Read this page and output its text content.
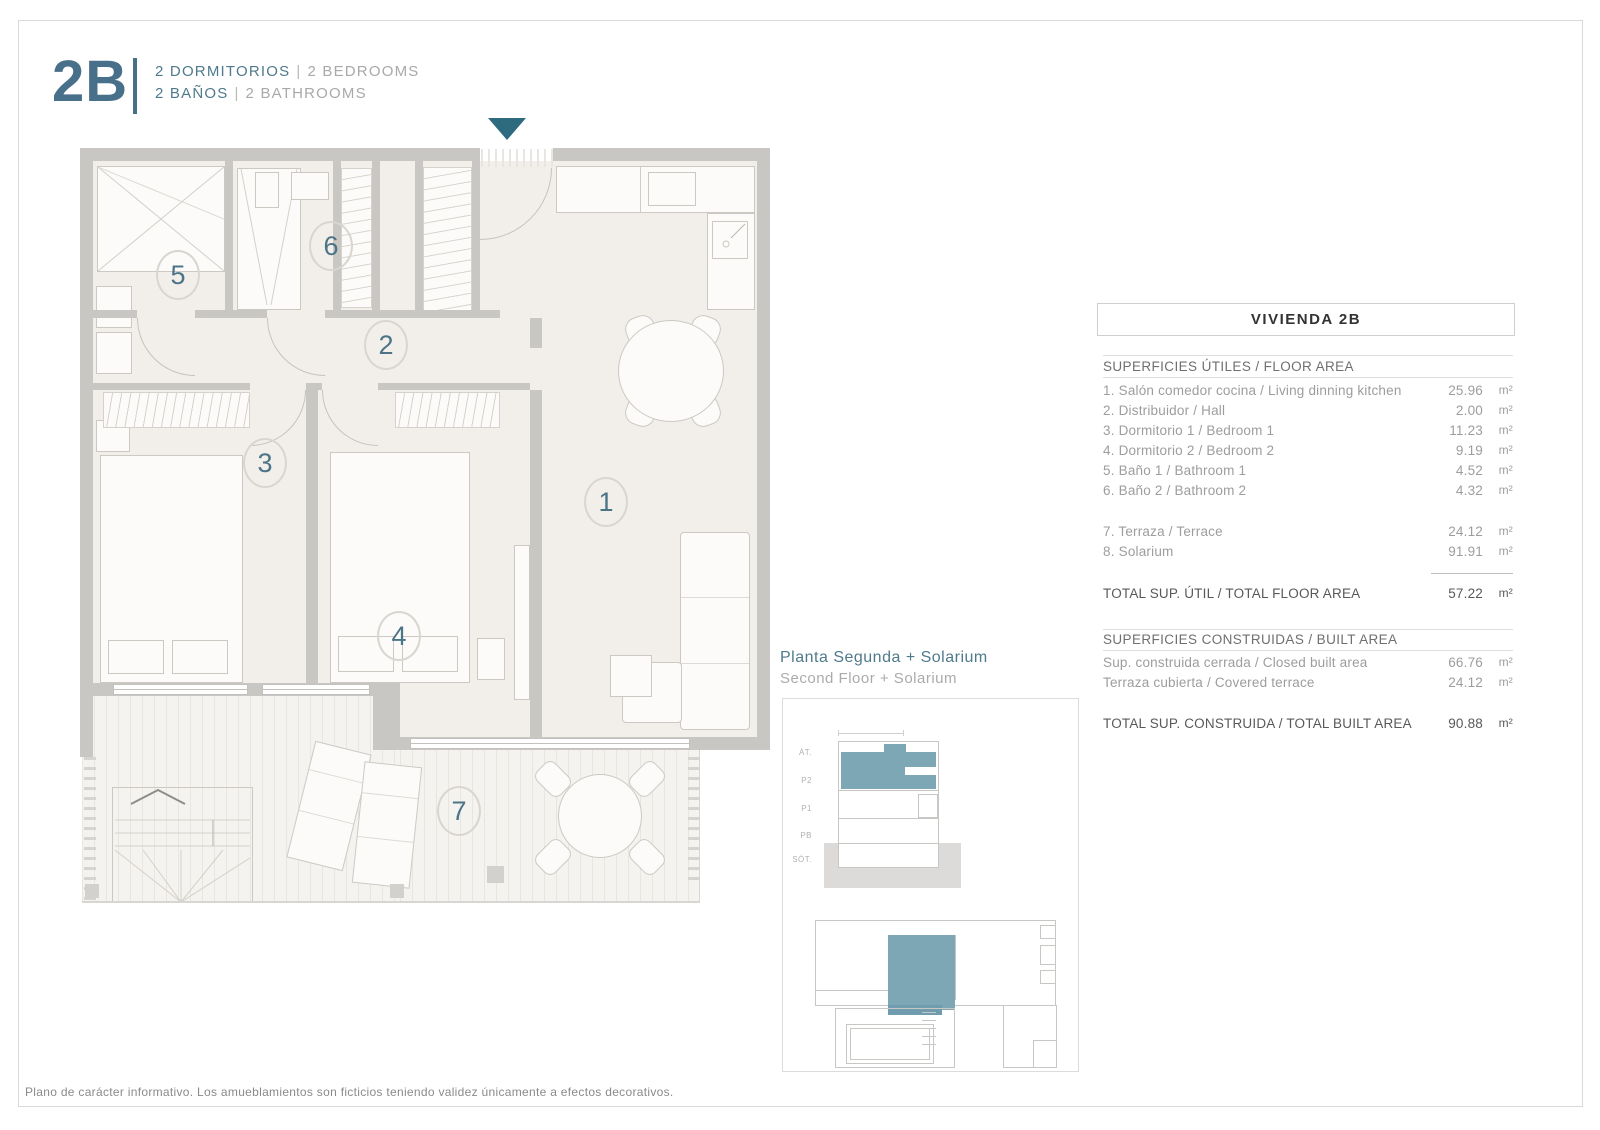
2B 2 DORMITORIOS | 2 BEDROOMS
2 BAÑOS | 2 BATHROOMS
1
2
3
4
5
6
7
VIVIENDA 2B
SUPERFICIES ÚTILES / FLOOR AREA
1. Salón comedor cocina / Living dinning kitchen	25.96	m²
2. Distribuidor / Hall	2.00	m²
3. Dormitorio 1 / Bedroom 1	11.23	m²
4. Dormitorio 2 / Bedroom 2	9.19	m²
5. Baño 1 / Bathroom 1	4.52	m²
6. Baño 2 / Bathroom 2	4.32	m²
7. Terraza / Terrace	24.12	m²
8. Solarium	91.91	m²
TOTAL SUP. ÚTIL / TOTAL FLOOR AREA	57.22	m²
SUPERFICIES CONSTRUIDAS / BUILT AREA
Sup. construida cerrada / Closed built area	66.76	m²
Terraza cubierta / Covered terrace	24.12	m²
TOTAL SUP. CONSTRUIDA / TOTAL BUILT AREA	90.88	m²
Planta Segunda + Solarium
Second Floor + Solarium
ÁT.
P2
P1
PB
SÓT.
Plano de carácter informativo. Los amueblamientos son ficticios teniendo validez únicamente a efectos decorativos.
